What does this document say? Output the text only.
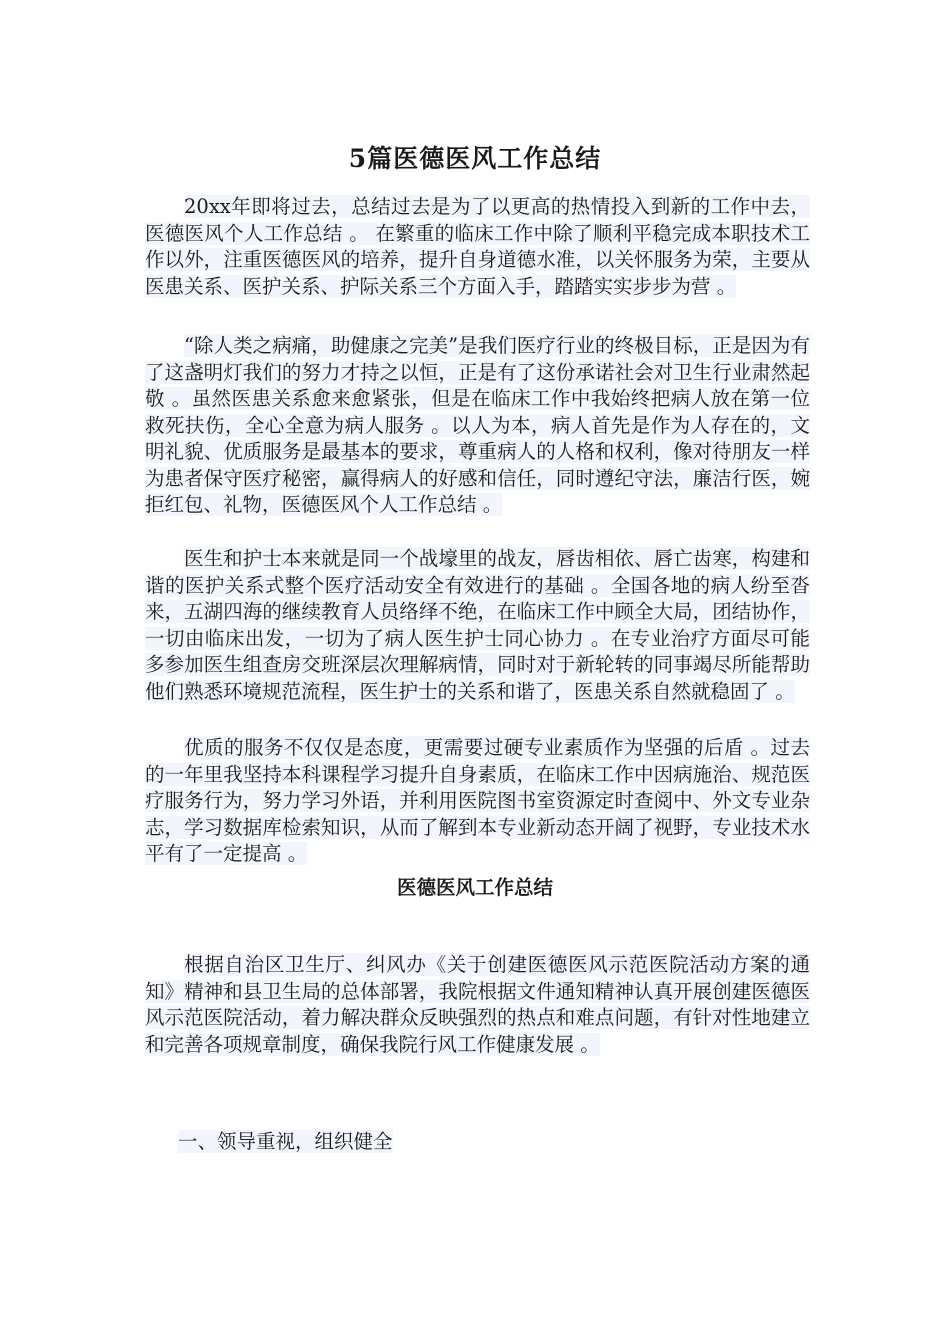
5篇医德医风工作总结
20xx年即将过去，总结过去是为了以更高的热情投入到新的工作中去，医德医风个人工作总结 。 在繁重的临床工作中除了顺利平稳完成本职技术工作以外，注重医德医风的培养，提升自身道德水准，以关怀服务为荣，主要从医患关系、医护关系、护际关系三个方面入手，踏踏实实步步为营 。
“除人类之病痛，助健康之完美”是我们医疗行业的终极目标，正是因为有了这盏明灯我们的努力才持之以恒，正是有了这份承诺社会对卫生行业肃然起敬 。虽然医患关系愈来愈紧张，但是在临床工作中我始终把病人放在第一位救死扶伤，全心全意为病人服务 。以人为本，病人首先是作为人存在的，文明礼貌、优质服务是最基本的要求，尊重病人的人格和权利，像对待朋友一样为患者保守医疗秘密，赢得病人的好感和信任，同时遵纪守法，廉洁行医，婉拒红包、礼物，医德医风个人工作总结 。
医生和护士本来就是同一个战壕里的战友，唇齿相依、唇亡齿寒，构建和谐的医护关系式整个医疗活动安全有效进行的基础 。全国各地的病人纷至沓来，五湖四海的继续教育人员络绎不绝，在临床工作中顾全大局，团结协作，一切由临床出发，一切为了病人医生护士同心协力 。在专业治疗方面尽可能多参加医生组查房交班深层次理解病情，同时对于新轮转的同事竭尽所能帮助他们熟悉环境规范流程，医生护士的关系和谐了，医患关系自然就稳固了 。
优质的服务不仅仅是态度，更需要过硬专业素质作为坚强的后盾 。过去的一年里我坚持本科课程学习提升自身素质，在临床工作中因病施治、规范医疗服务行为，努力学习外语，并利用医院图书室资源定时查阅中、外文专业杂志，学习数据库检索知识，从而了解到本专业新动态开阔了视野，专业技术水平有了一定提高 。
医德医风工作总结
根据自治区卫生厅、纠风办《关于创建医德医风示范医院活动方案的通知》精神和县卫生局的总体部署，我院根据文件通知精神认真开展创建医德医风示范医院活动，着力解决群众反映强烈的热点和难点问题，有针对性地建立和完善各项规章制度，确保我院行风工作健康发展 。
一、领导重视，组织健全
